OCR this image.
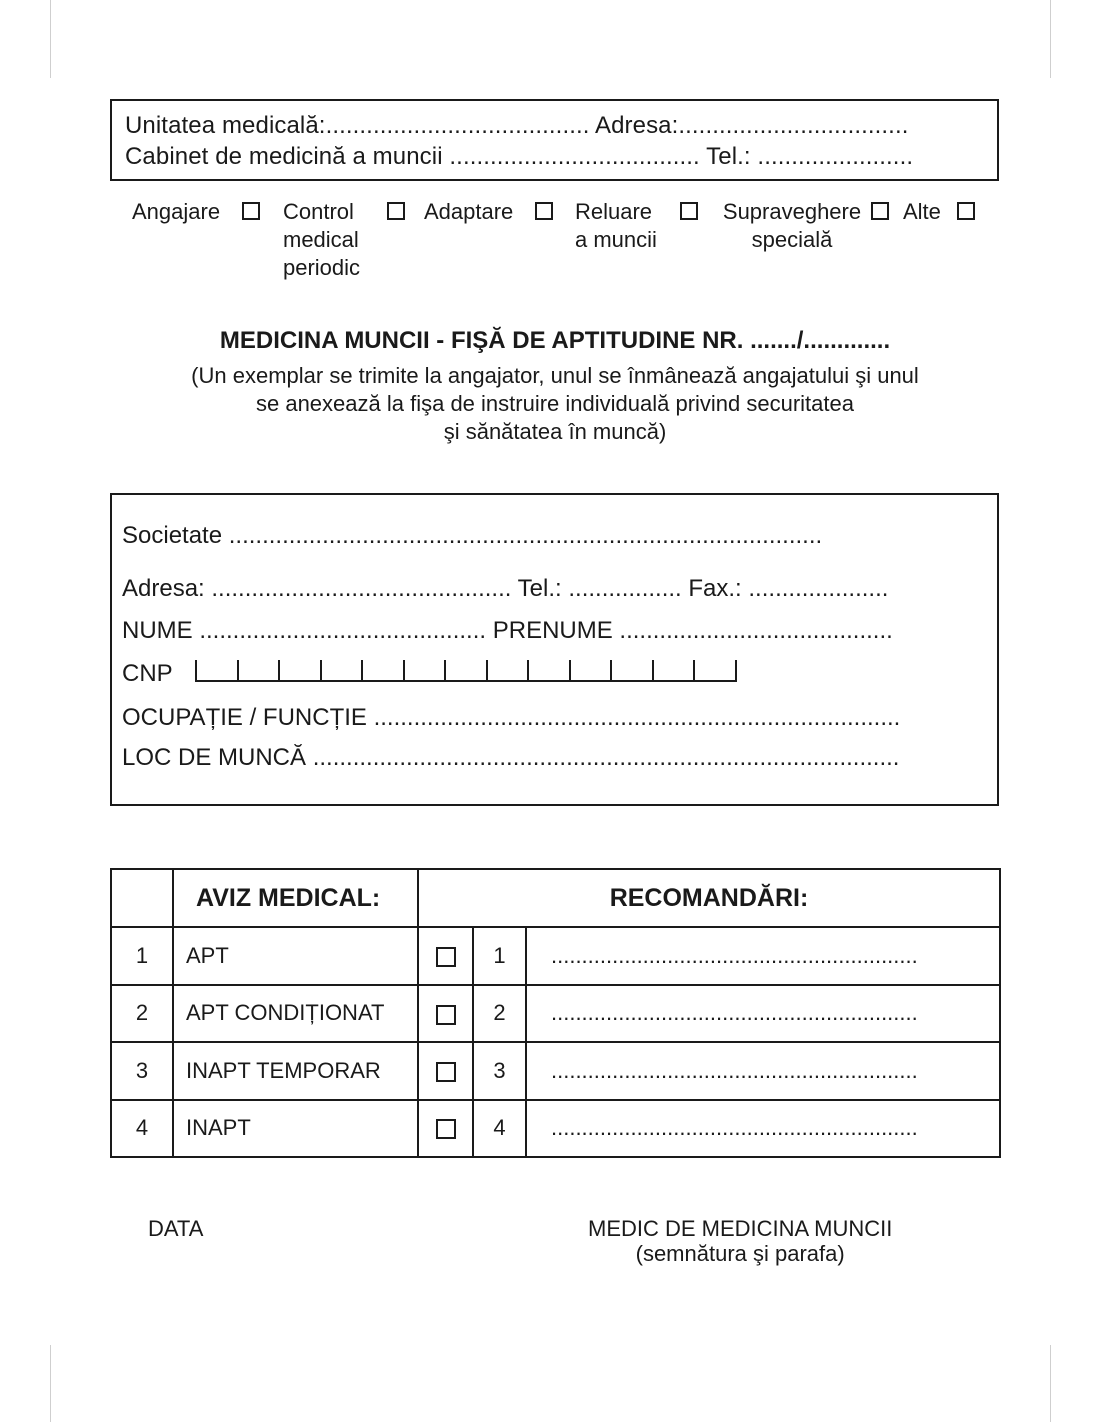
Unitatea medicală:....................................... Adresa:..................................
Cabinet de medicină a muncii ..................................... Tel.: .......................
Angajare	Control
medical
periodic
Adaptare	Reluare
a muncii
Supraveghere
specială
Alte
MEDICINA MUNCII - FIŞĂ DE APTITUDINE NR. ......./.............
(Un exemplar se trimite la angajator, unul se înmânează angajatului şi unul
se anexează la fişa de instruire individuală privind securitatea
şi sănătatea în muncă)
Societate .........................................................................................
Adresa: ............................................. Tel.: ................. Fax.: .....................
NUME ........................................... PRENUME .........................................
CNP
OCUPAȚIE / FUNCȚIE ...............................................................................
LOC DE MUNCĂ ........................................................................................
	AVIZ MEDICAL:	RECOMANDĂRI:		
1	APT		1	............................................................
2	APT CONDIȚIONAT		2	............................................................
3	INAPT TEMPORAR		3	............................................................
4	INAPT		4	............................................................
DATA	MEDIC DE MEDICINA MUNCII
(semnătura şi parafa)
